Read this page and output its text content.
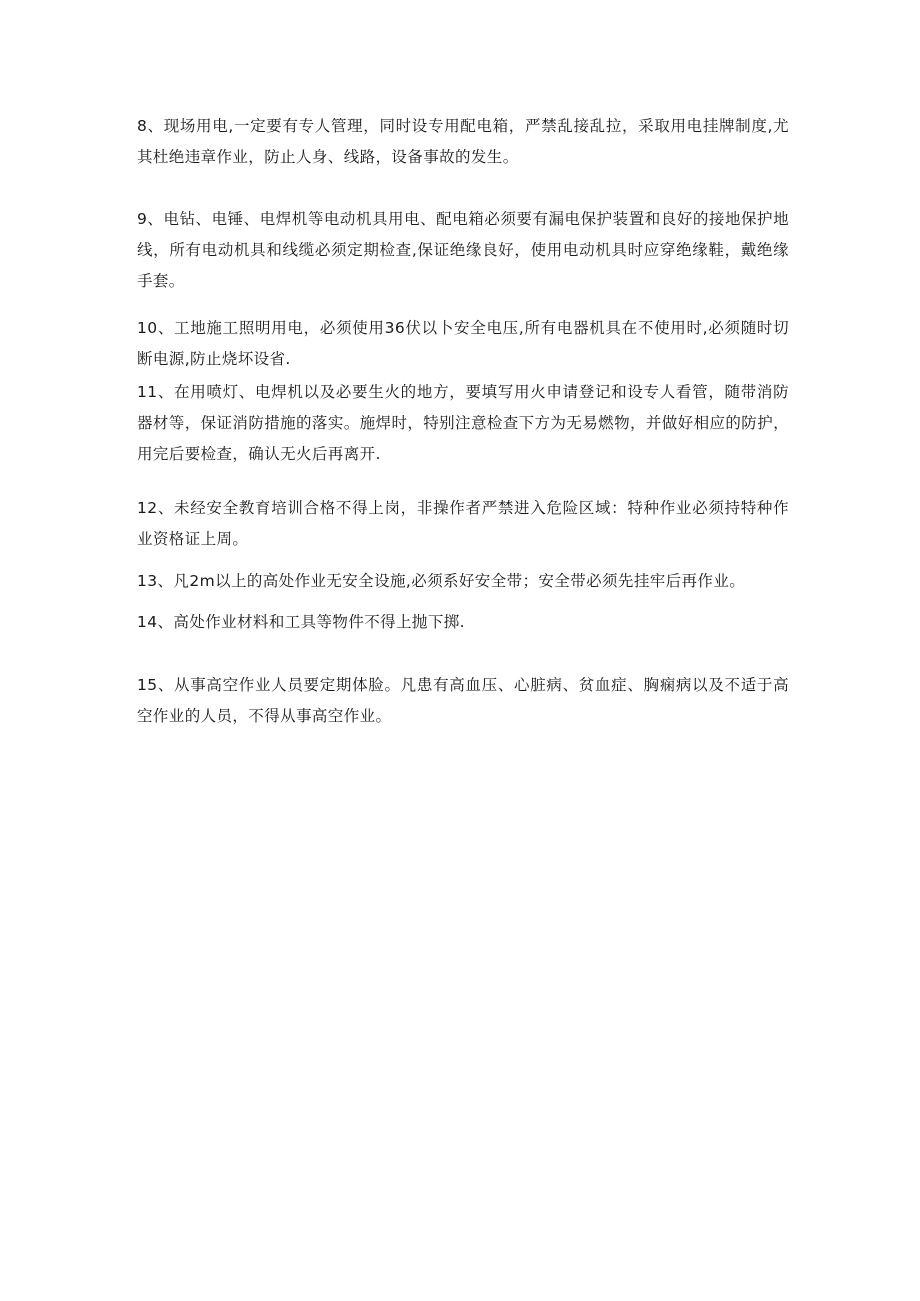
8、现场用电,一定要有专人管理，同时设专用配电箱，严禁乱接乱拉，采取用电挂牌制度,尤其杜绝违章作业，防止人身、线路，设备事故的发生。

9、电钻、电锤、电焊机等电动机具用电、配电箱必须要有漏电保护装置和良好的接地保护地线，所有电动机具和线缆必须定期检查,保证绝缘良好，使用电动机具时应穿绝缘鞋，戴绝缘手套。

10、工地施工照明用电，必须使用36伏以卜安全电压,所有电器机具在不使用时,必须随时切断电源,防止烧坏设省.

11、在用喷灯、电焊机以及必要生火的地方，要填写用火申请登记和设专人看管，随带消防器材等，保证消防措施的落实。施焊时，特别注意检查下方为无易燃物，并做好相应的防护，用完后要检查，确认无火后再离开.

12、未经安全教育培训合格不得上岗，非操作者严禁进入危险区域：特种作业必须持特种作业资格证上周。

13、凡2m以上的高处作业无安全设施,必须系好安全带；安全带必须先挂牢后再作业。

14、高处作业材料和工具等物件不得上抛下掷.

15、从事高空作业人员要定期体脸。凡患有高血压、心脏病、贫血症、胸痫病以及不适于高空作业的人员，不得从事高空作业。
